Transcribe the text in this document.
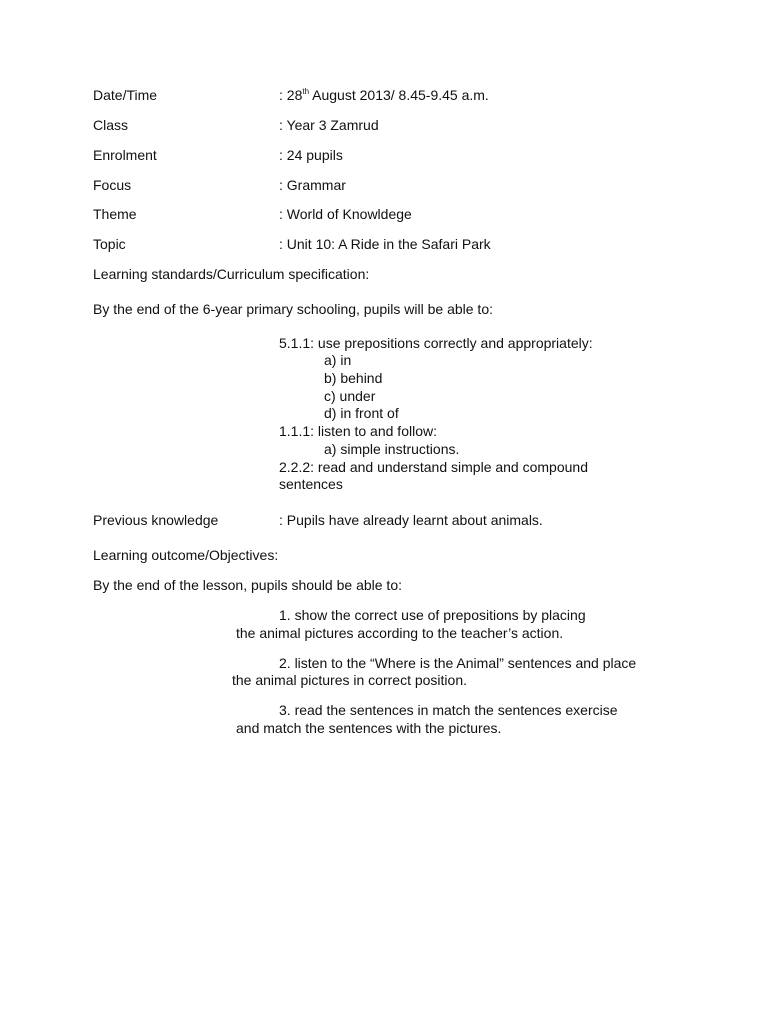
Date/Time	: 28th August 2013/ 8.45-9.45 a.m.
Class	: Year 3 Zamrud
Enrolment	: 24 pupils
Focus	: Grammar
Theme	: World of Knowldege
Topic	: Unit 10: A Ride in the Safari Park
Learning standards/Curriculum specification:
By the end of the 6-year primary schooling, pupils will be able to:
5.1.1: use prepositions correctly and appropriately:
a) in
b) behind
c) under
d) in front of
1.1.1: listen to and follow:
a) simple instructions.
2.2.2: read and understand simple and compound
sentences
Previous knowledge	: Pupils have already learnt about animals.
Learning outcome/Objectives:
By the end of the lesson, pupils should be able to:
1. show the correct use of prepositions by placing
the animal pictures according to the teacher’s action.
2. listen to the “Where is the Animal” sentences and place
the animal pictures in correct position.
3. read the sentences in match the sentences exercise
and match the sentences with the pictures.
